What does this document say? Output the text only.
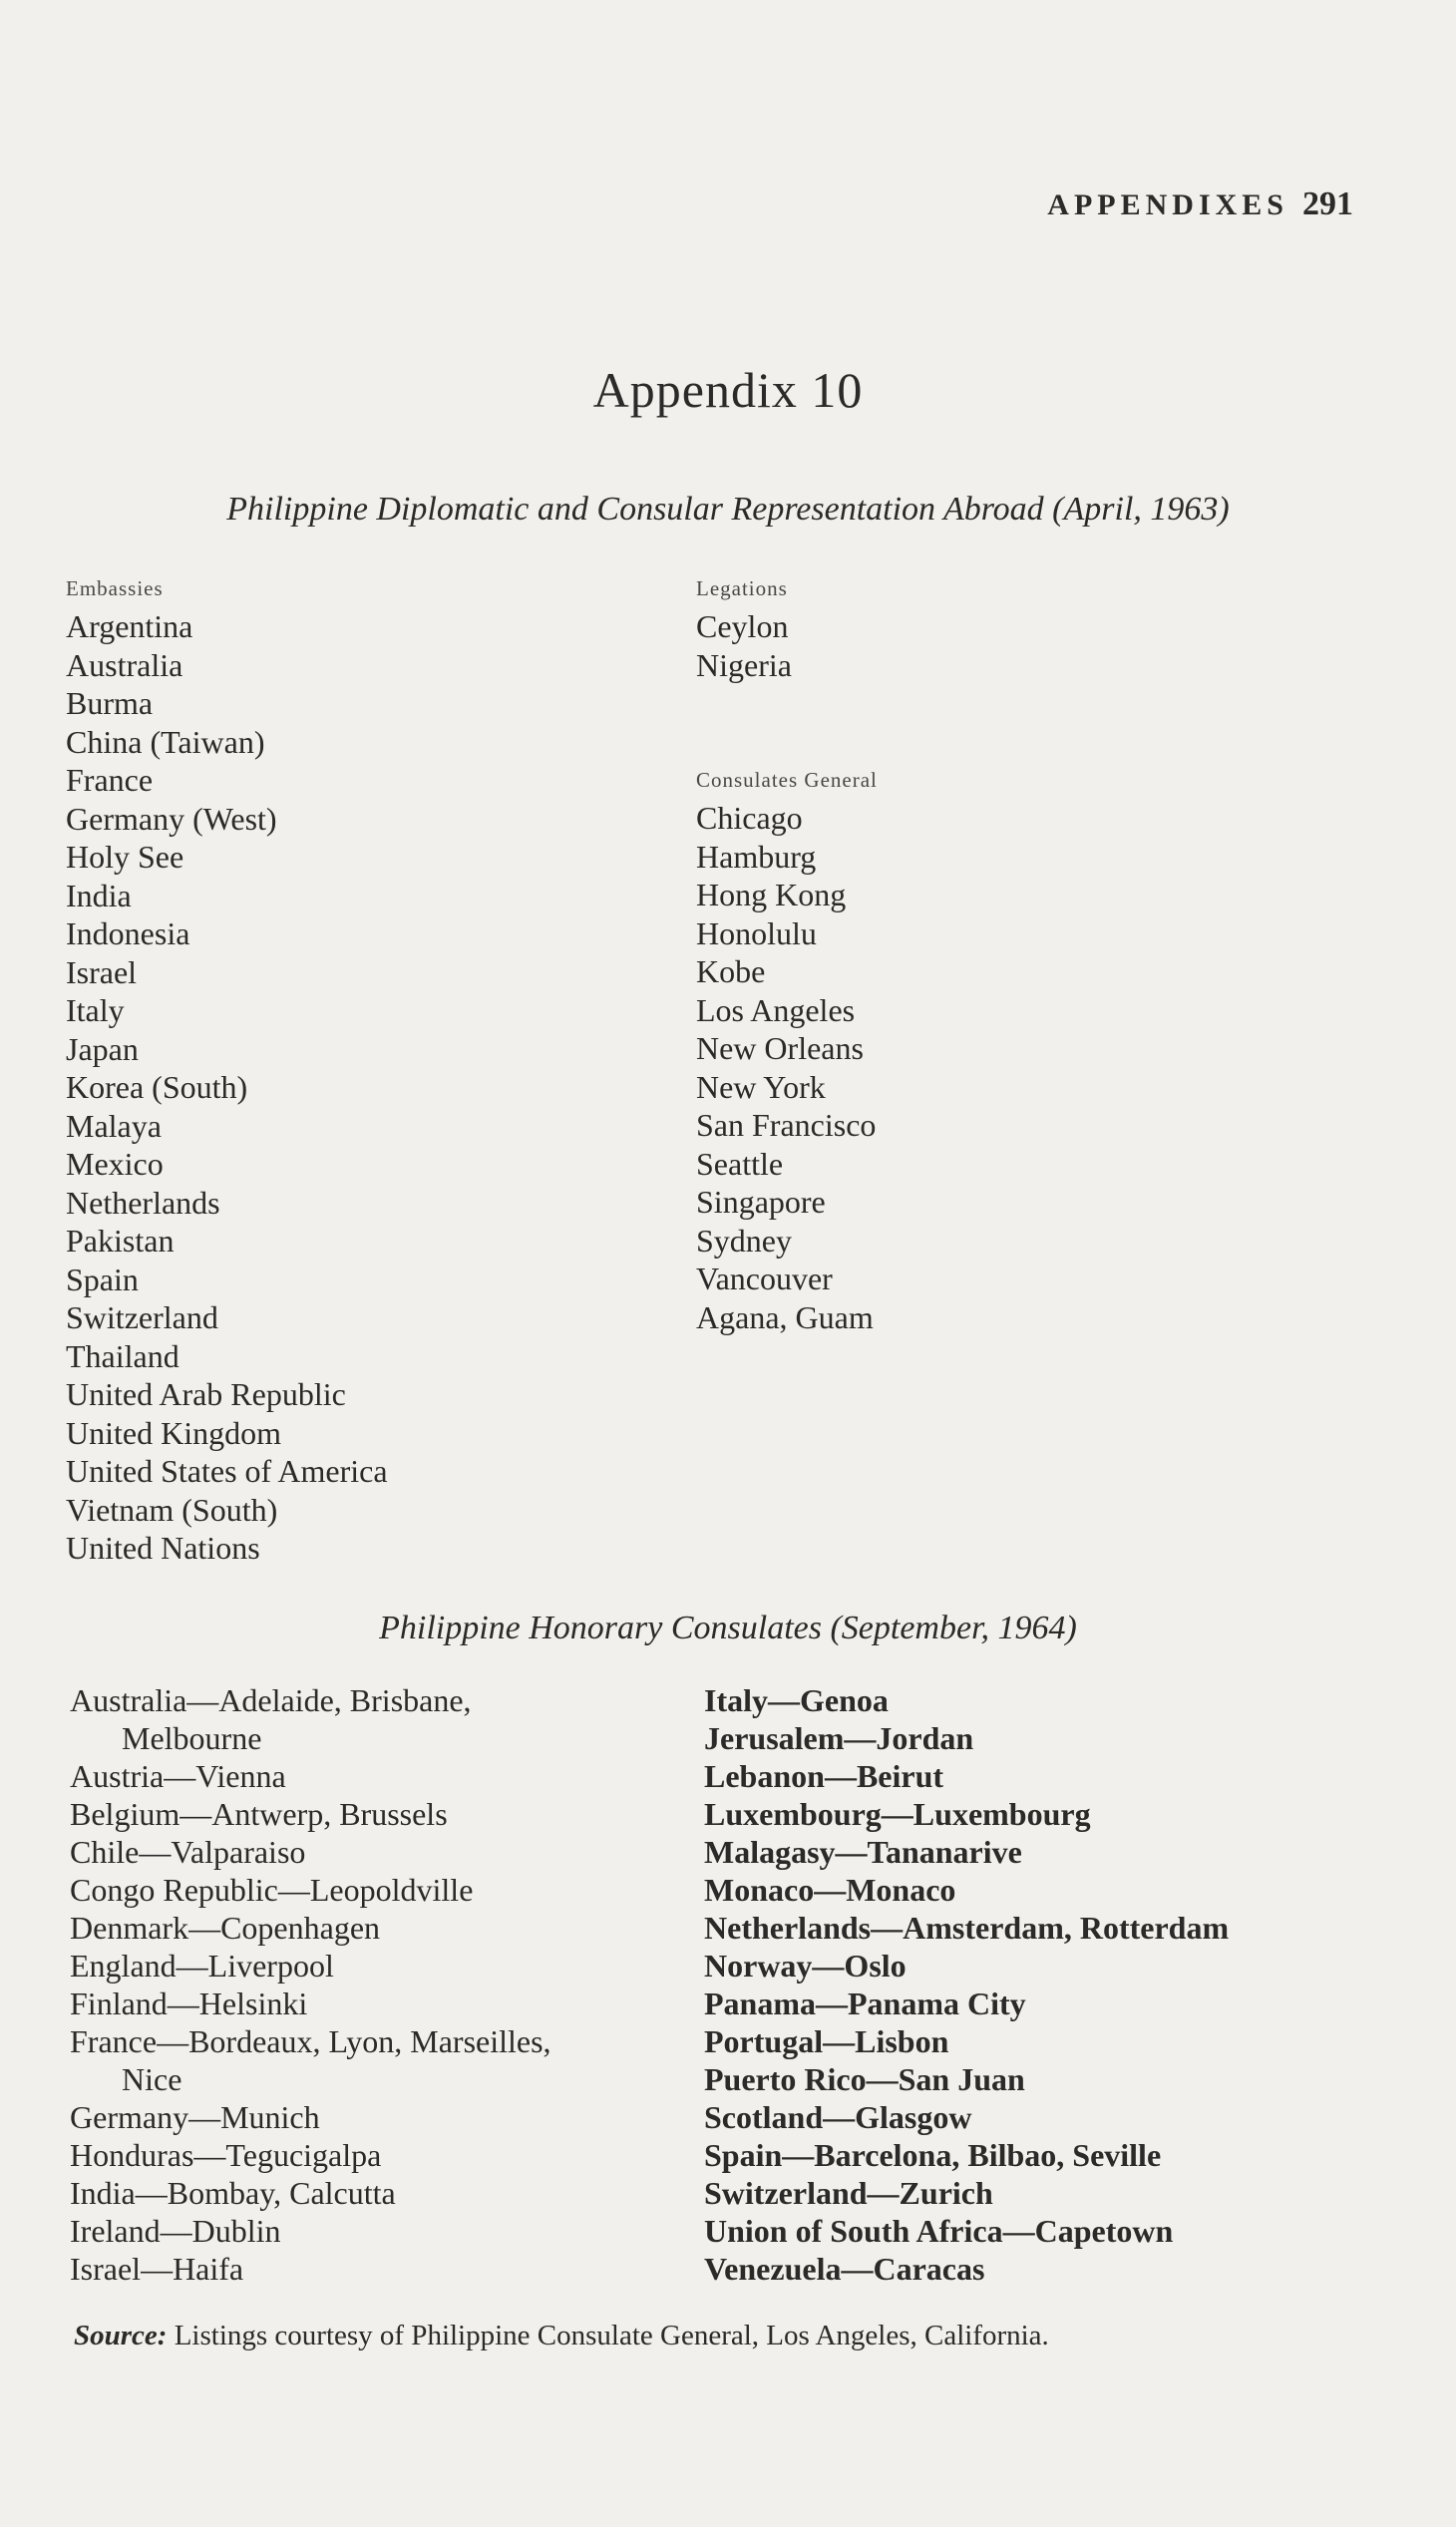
APPENDIXES 291
Appendix 10
Philippine Diplomatic and Consular Representation Abroad (April, 1963)
Embassies
Argentina
Australia
Burma
China (Taiwan)
France
Germany (West)
Holy See
India
Indonesia
Israel
Italy
Japan
Korea (South)
Malaya
Mexico
Netherlands
Pakistan
Spain
Switzerland
Thailand
United Arab Republic
United Kingdom
United States of America
Vietnam (South)
United Nations
Legations
Ceylon
Nigeria
Consulates General
Chicago
Hamburg
Hong Kong
Honolulu
Kobe
Los Angeles
New Orleans
New York
San Francisco
Seattle
Singapore
Sydney
Vancouver
Agana, Guam
Philippine Honorary Consulates (September, 1964)
Australia—Adelaide, Brisbane,
Melbourne
Austria—Vienna
Belgium—Antwerp, Brussels
Chile—Valparaiso
Congo Republic—Leopoldville
Denmark—Copenhagen
England—Liverpool
Finland—Helsinki
France—Bordeaux, Lyon, Marseilles,
Nice
Germany—Munich
Honduras—Tegucigalpa
India—Bombay, Calcutta
Ireland—Dublin
Israel—Haifa
Italy—Genoa
Jerusalem—Jordan
Lebanon—Beirut
Luxembourg—Luxembourg
Malagasy—Tananarive
Monaco—Monaco
Netherlands—Amsterdam, Rotterdam
Norway—Oslo
Panama—Panama City
Portugal—Lisbon
Puerto Rico—San Juan
Scotland—Glasgow
Spain—Barcelona, Bilbao, Seville
Switzerland—Zurich
Union of South Africa—Capetown
Venezuela—Caracas
Source: Listings courtesy of Philippine Consulate General, Los Angeles, California.
